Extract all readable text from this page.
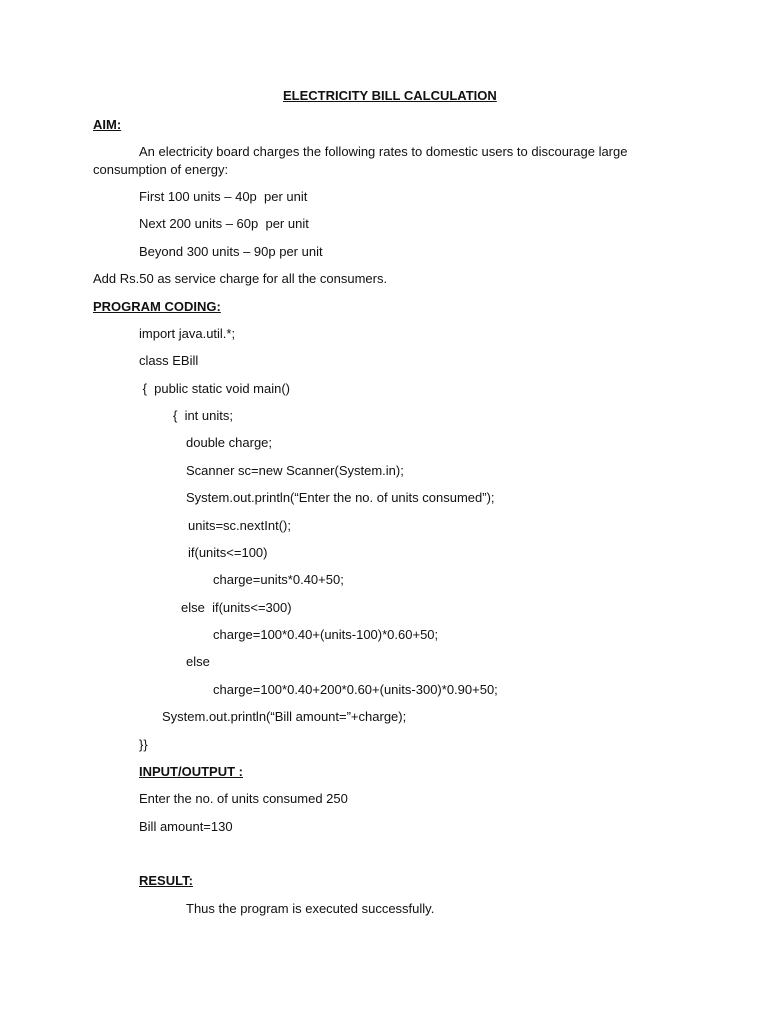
ELECTRICITY BILL CALCULATION
AIM:
An electricity board charges the following rates to domestic users to discourage large
consumption of energy:
First 100 units – 40p  per unit
Next 200 units – 60p  per unit
Beyond 300 units – 90p per unit
Add Rs.50 as service charge for all the consumers.
PROGRAM CODING:
import java.util.*;
class EBill
{  public static void main()
{  int units;
double charge;
Scanner sc=new Scanner(System.in);
System.out.println(“Enter the no. of units consumed”);
units=sc.nextInt();
if(units<=100)
charge=units*0.40+50;
else  if(units<=300)
charge=100*0.40+(units-100)*0.60+50;
else
charge=100*0.40+200*0.60+(units-300)*0.90+50;
System.out.println(“Bill amount=”+charge);
}}
INPUT/OUTPUT :
Enter the no. of units consumed 250
Bill amount=130
RESULT:
Thus the program is executed successfully.
